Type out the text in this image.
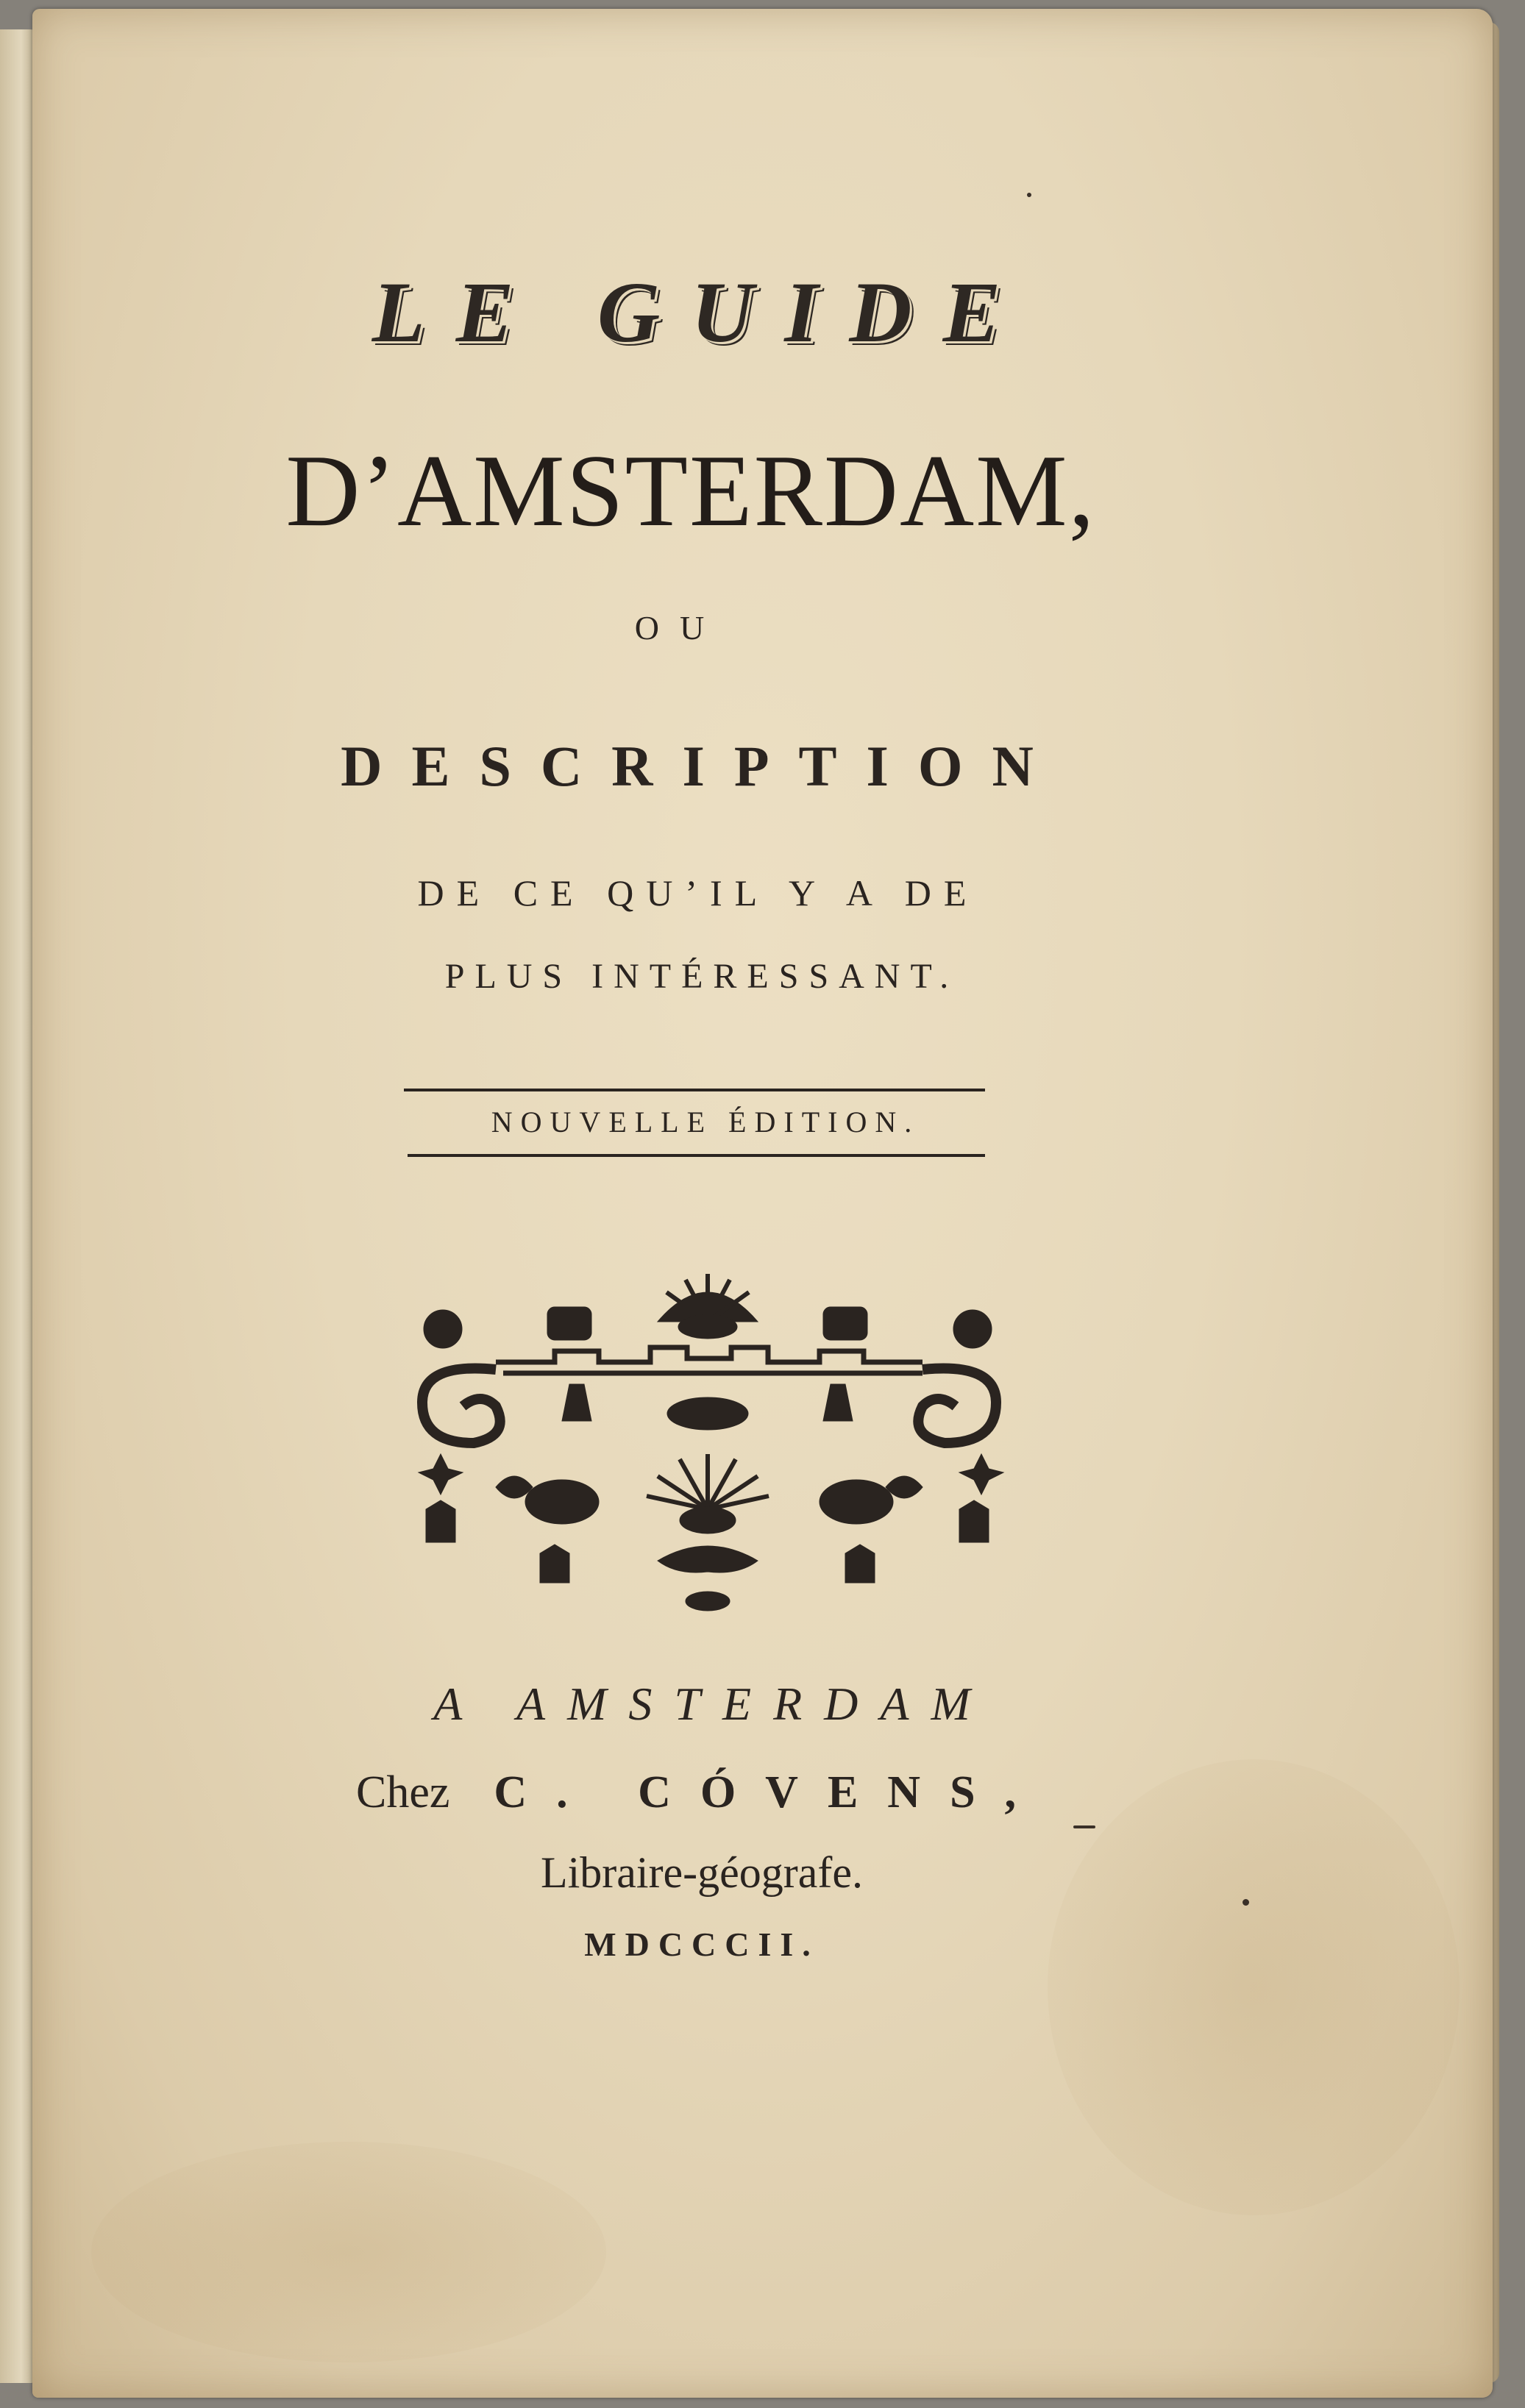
LE GUIDE
D’AMSTERDAM,
OU
DESCRIPTION
DE CE QU’IL Y A DE
PLUS INTÉRESSANT.
NOUVELLE ÉDITION.
A AMSTERDAM
Chez C. CÓVENS,
Libraire-géografe.
MDCCCII.
